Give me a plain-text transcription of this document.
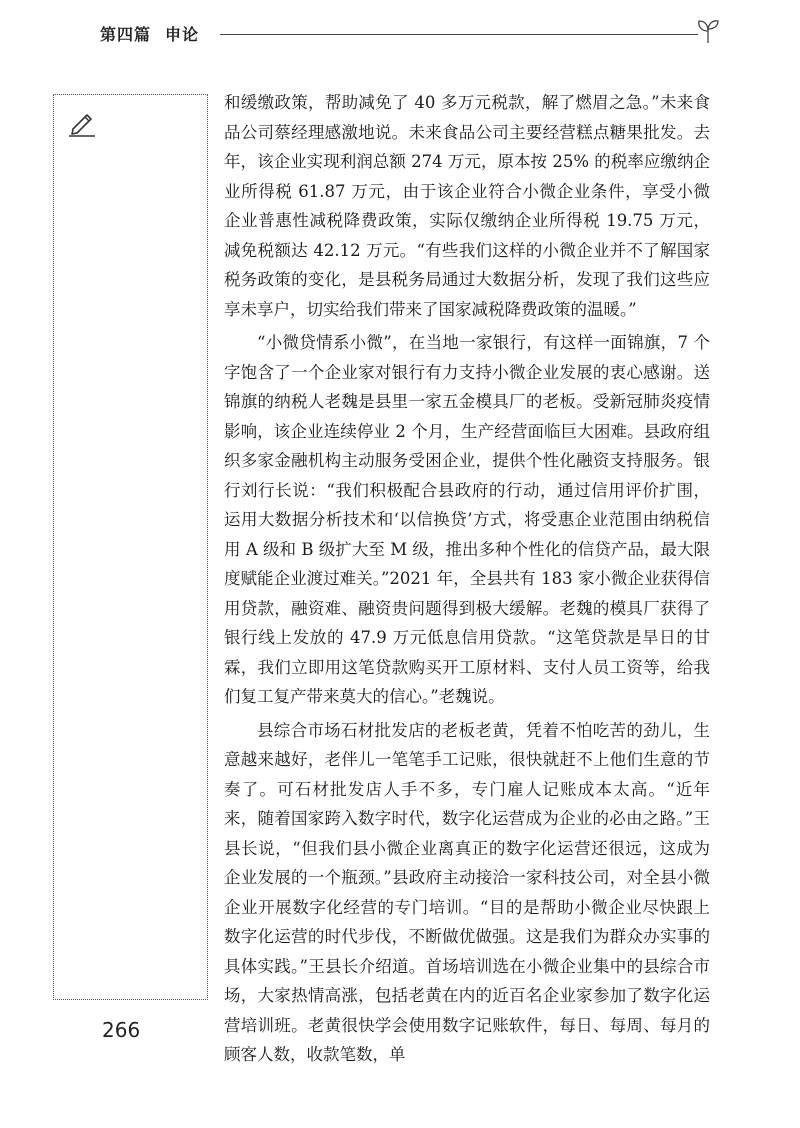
第四篇 申论

和缓缴政策，帮助减免了 40 多万元税款，解了燃眉之急。”未来食品公司蔡经理感激地说。未来食品公司主要经营糕点糖果批发。去年，该企业实现利润总额 274 万元，原本按 25% 的税率应缴纳企业所得税 61.87 万元，由于该企业符合小微企业条件，享受小微企业普惠性减税降费政策，实际仅缴纳企业所得税 19.75 万元，减免税额达 42.12 万元。“有些我们这样的小微企业并不了解国家税务政策的变化，是县税务局通过大数据分析，发现了我们这些应享未享户，切实给我们带来了国家减税降费政策的温暖。”

“小微贷情系小微”，在当地一家银行，有这样一面锦旗，7 个字饱含了一个企业家对银行有力支持小微企业发展的衷心感谢。送锦旗的纳税人老魏是县里一家五金模具厂的老板。受新冠肺炎疫情影响，该企业连续停业 2 个月，生产经营面临巨大困难。县政府组织多家金融机构主动服务受困企业，提供个性化融资支持服务。银行刘行长说：“我们积极配合县政府的行动，通过信用评价扩围，运用大数据分析技术和‘以信换贷’方式，将受惠企业范围由纳税信用 A 级和 B 级扩大至 M 级，推出多种个性化的信贷产品，最大限度赋能企业渡过难关。”2021 年，全县共有 183 家小微企业获得信用贷款，融资难、融资贵问题得到极大缓解。老魏的模具厂获得了银行线上发放的 47.9 万元低息信用贷款。“这笔贷款是旱日的甘霖，我们立即用这笔贷款购买开工原材料、支付人员工资等，给我们复工复产带来莫大的信心。”老魏说。

县综合市场石材批发店的老板老黄，凭着不怕吃苦的劲儿，生意越来越好，老伴儿一笔笔手工记账，很快就赶不上他们生意的节奏了。可石材批发店人手不多，专门雇人记账成本太高。“近年来，随着国家跨入数字时代，数字化运营成为企业的必由之路。”王县长说，“但我们县小微企业离真正的数字化运营还很远，这成为企业发展的一个瓶颈。”县政府主动接洽一家科技公司，对全县小微企业开展数字化经营的专门培训。“目的是帮助小微企业尽快跟上数字化运营的时代步伐，不断做优做强。这是我们为群众办实事的具体实践。”王县长介绍道。首场培训选在小微企业集中的县综合市场，大家热情高涨，包括老黄在内的近百名企业家参加了数字化运营培训班。老黄很快学会使用数字记账软件，每日、每周、每月的顾客人数，收款笔数，单

266
